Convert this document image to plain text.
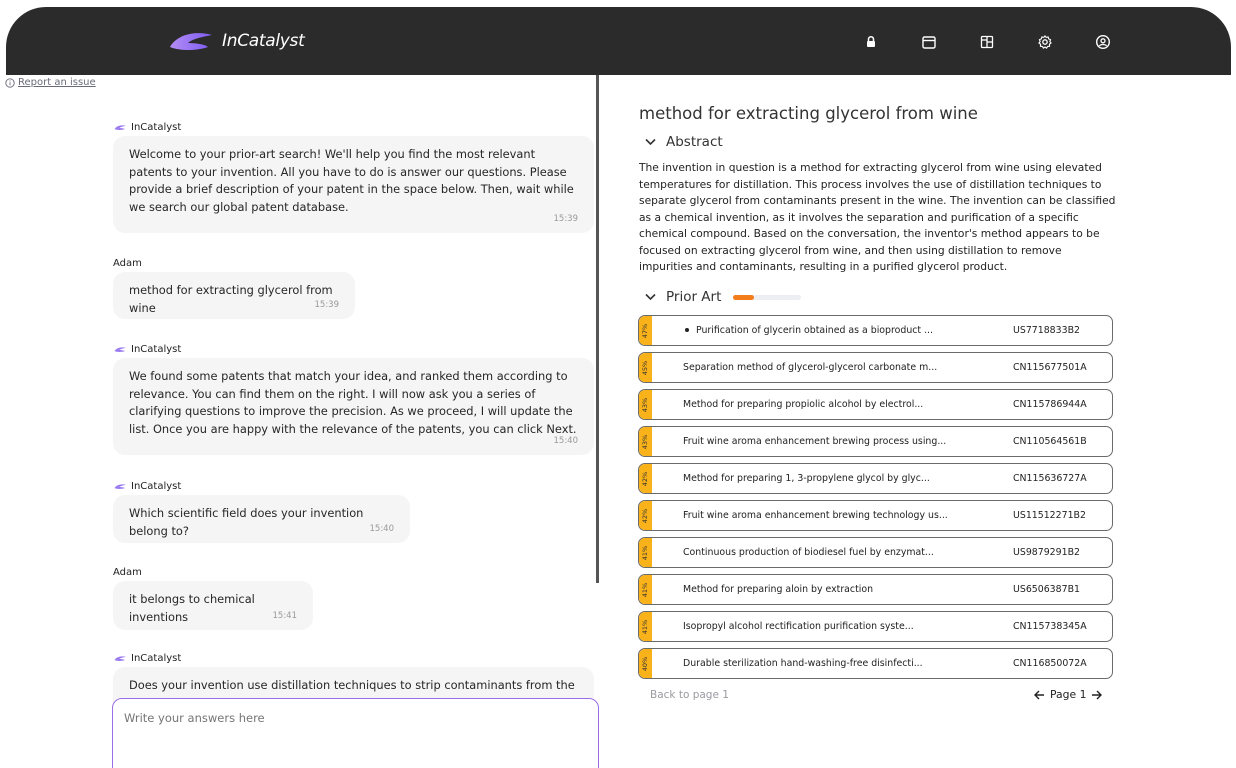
InCatalyst
Report an issue
InCatalyst
Welcome to your prior-art search! We'll help you find the most relevant patents to your invention. All you have to do is answer our questions. Please provide a brief description of your patent in the space below. Then, wait while we search our global patent database.
15:39
Adam
method for extracting glycerol from wine	15:39
InCatalyst
We found some patents that match your idea, and ranked them according to relevance. You can find them on the right. I will now ask you a series of clarifying questions to improve the precision. As we proceed, I will update the list. Once you are happy with the relevance of the patents, you can click Next.
15:40
InCatalyst
Which scientific field does your invention belong to?	15:40
Adam
it belongs to chemical inventions	15:41
InCatalyst
Does your invention use distillation techniques to strip contaminants from the
Write your answers here
method for extracting glycerol from wine
Abstract
The invention in question is a method for extracting glycerol from wine using elevated temperatures for distillation. This process involves the use of distillation techniques to separate glycerol from contaminants present in the wine. The invention can be classified as a chemical invention, as it involves the separation and purification of a specific chemical compound. Based on the conversation, the inventor's method appears to be focused on extracting glycerol from wine, and then using distillation to remove impurities and contaminants, resulting in a purified glycerol product.
Prior Art
47%	Purification of glycerin obtained as a bioproduct ...	US7718833B2
45%	Separation method of glycerol-glycerol carbonate m...	CN115677501A
43%	Method for preparing propiolic alcohol by electrol...	CN115786944A
43%	Fruit wine aroma enhancement brewing process using...	CN110564561B
42%	Method for preparing 1, 3-propylene glycol by glyc...	CN115636727A
42%	Fruit wine aroma enhancement brewing technology us...	US11512271B2
41%	Continuous production of biodiesel fuel by enzymat...	US9879291B2
41%	Method for preparing aloin by extraction	US6506387B1
41%	Isopropyl alcohol rectification purification syste...	CN115738345A
40%	Durable sterilization hand-washing-free disinfecti...	CN116850072A
Back to page 1	Page 1
